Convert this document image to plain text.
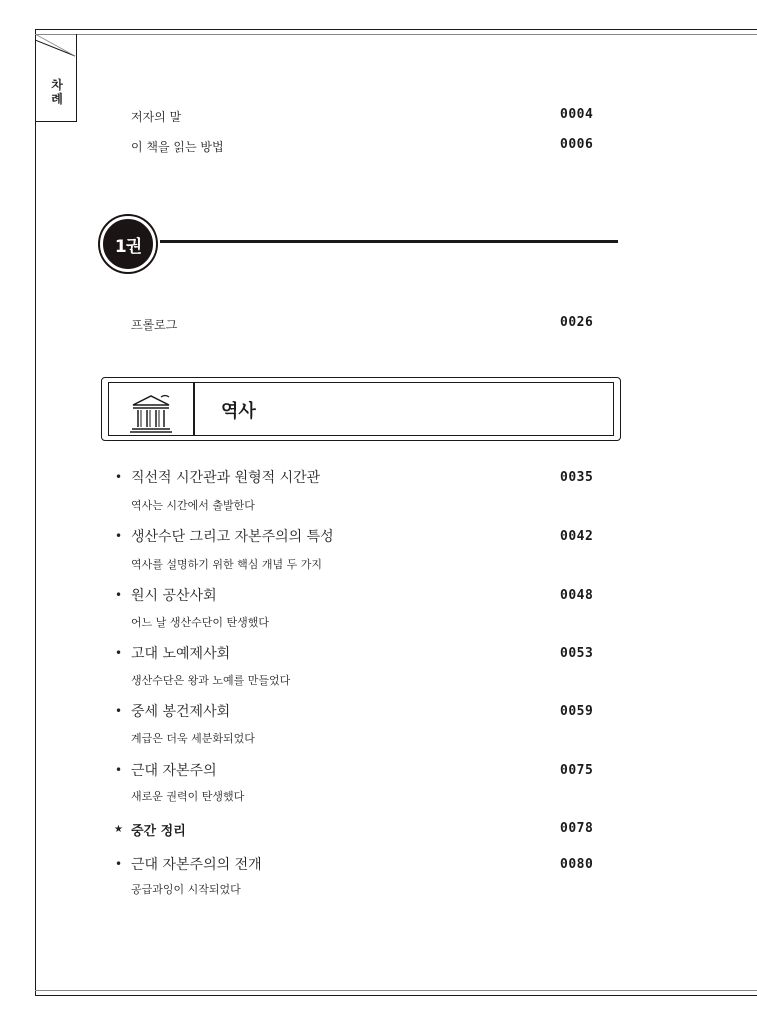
차
례
저자의 말	0004
이 책을 읽는 방법	0006
1권
프롤로그	0026
역사
• 직선적 시간관과 원형적 시간관	0035
역사는 시간에서 출발한다
• 생산수단 그리고 자본주의의 특성	0042
역사를 설명하기 위한 핵심 개념 두 가지
• 원시 공산사회	0048
어느 날 생산수단이 탄생했다
• 고대 노예제사회	0053
생산수단은 왕과 노예를 만들었다
• 중세 봉건제사회	0059
계급은 더욱 세분화되었다
• 근대 자본주의	0075
새로운 권력이 탄생했다
★ 중간 정리	0078
• 근대 자본주의의 전개	0080
공급과잉이 시작되었다
